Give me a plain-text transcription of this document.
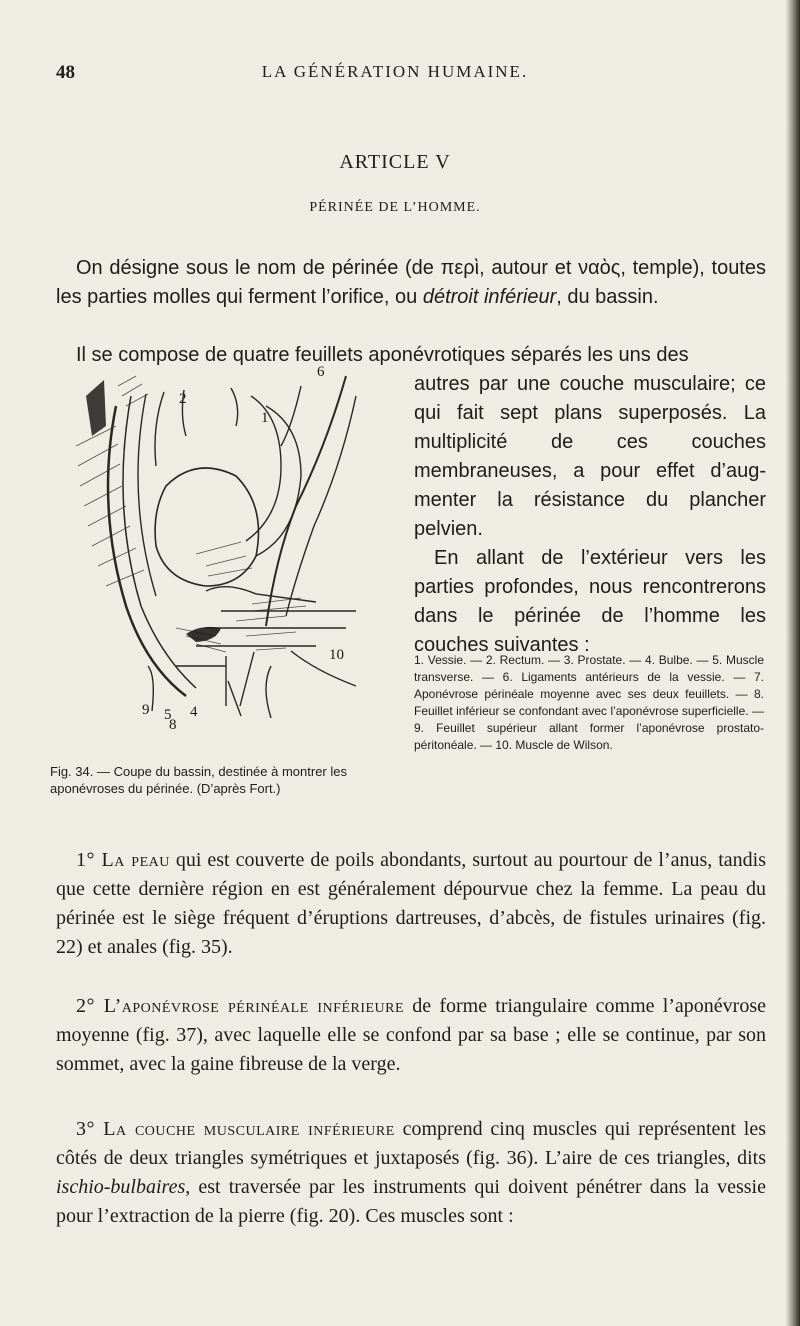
48	LA GÉNÉRATION HUMAINE.
ARTICLE V
PÉRINÉE DE L’HOMME.

On désigne sous le nom de périnée (de περὶ, autour et ναὸς, temple), toutes les parties molles qui ferment l’orifice, ou détroit inférieur, du bassin.

Il se compose de quatre feuillets aponévrotiques séparés les uns des

autres par une couche musculaire; ce qui fait sept plans superposés. La multiplicité de ces couches membraneuses, a pour effet d’augmenter la résistance du plancher pelvien.

En allant de l’extérieur vers les parties profondes, nous rencontrerons dans le périnée de l’homme les couches suivantes :

1
2
6
10
9 5 4
8
Fig. 34. — Coupe du bassin, destinée à montrer les aponévroses du périnée. (D’après Fort.)

1. Vessie. — 2. Rectum. — 3. Prostate. — 4. Bulbe. — 5. Muscle transverse. — 6. Ligaments antérieurs de la vessie. — 7. Aponévrose périnéale moyenne avec ses deux feuillets. — 8. Feuillet inférieur se confondant avec l’aponévrose superficielle. — 9. Feuillet supérieur allant former l’aponévrose prostato-péritonéale. — 10. Muscle de Wilson.

1° La peau qui est couverte de poils abondants, surtout au pourtour de l’anus, tandis que cette dernière région en est généralement dépourvue chez la femme. La peau du périnée est le siège fréquent d’éruptions dartreuses, d’abcès, de fistules urinaires (fig. 22) et anales (fig. 35).

2° L’aponévrose périnéale inférieure de forme triangulaire comme l’aponévrose moyenne (fig. 37), avec laquelle elle se confond par sa base ; elle se continue, par son sommet, avec la gaine fibreuse de la verge.

3° La couche musculaire inférieure comprend cinq muscles qui représentent les côtés de deux triangles symétriques et juxtaposés (fig. 36). L’aire de ces triangles, dits ischio-bulbaires, est traversée par les instruments qui doivent pénétrer dans la vessie pour l’extraction de la pierre (fig. 20). Ces muscles sont :
